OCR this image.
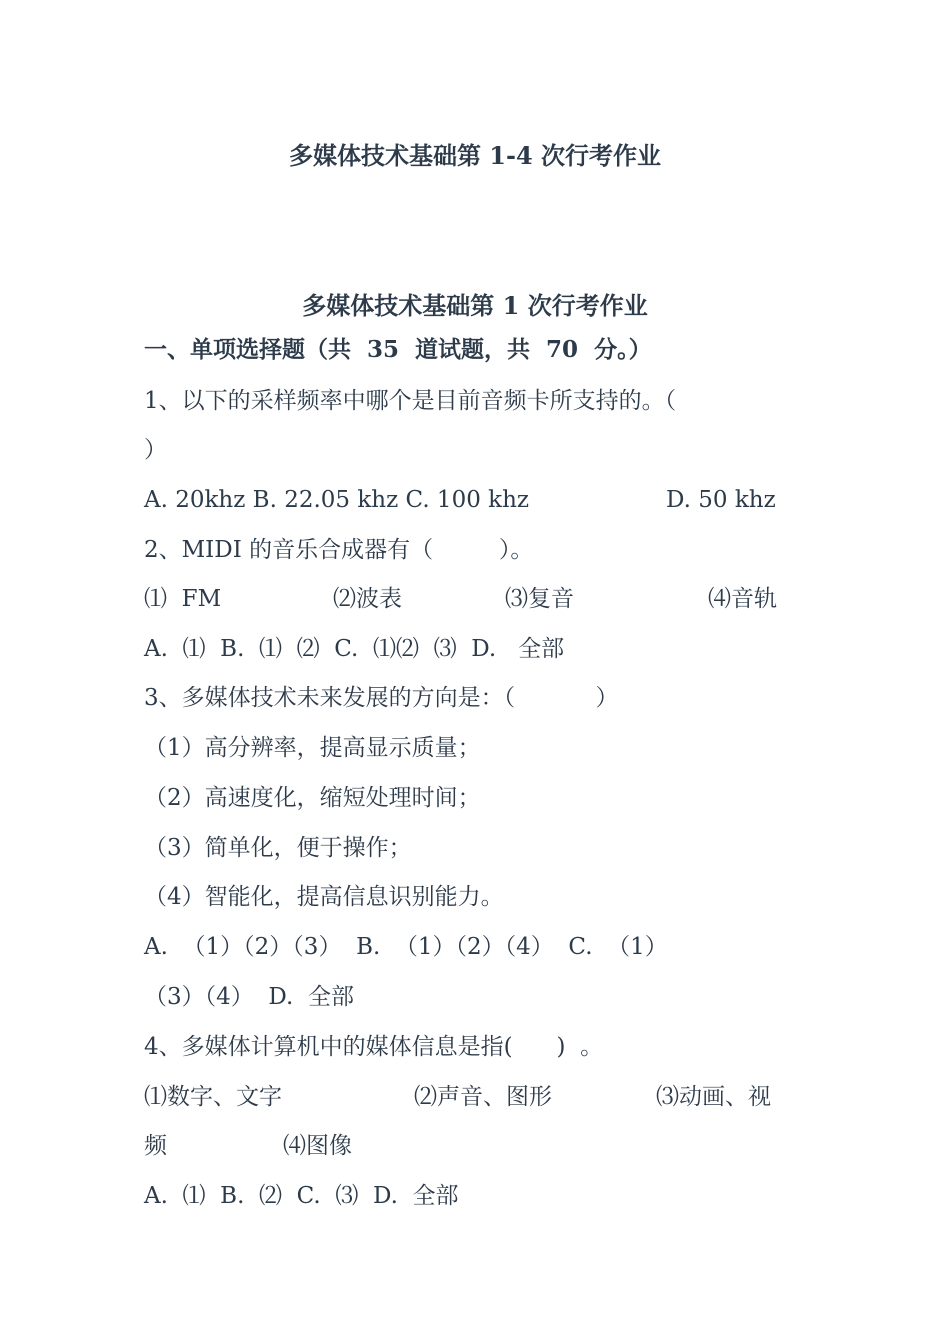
多媒体技术基础第 1-4 次行考作业
多媒体技术基础第 1 次行考作业
一、单项选择题（共  35  道试题，共  70  分。）
1、以下的采样频率中哪个是目前音频卡所支持的。（
）
A. 20khz B. 22.05 khz C. 100 khz	D. 50 khz
2、MIDI 的音乐合成器有（         ）。
⑴  FM	⑵波表	⑶复音	⑷音轨
A.  ⑴  B.  ⑴  ⑵  C.  ⑴⑵  ⑶  D.   全部
3、多媒体技术未来发展的方向是：（           ）
（1）高分辨率，提高显示质量；
（2）高速度化，缩短处理时间；
（3）简单化，便于操作；
（4）智能化，提高信息识别能力。
A.  （1）（2）（3）  B.  （1）（2）（4）  C.  （1）
（3）（4）  D.  全部
4、多媒体计算机中的媒体信息是指(      )  。
⑴数字、文字	⑵声音、图形	⑶动画、视
频	⑷图像
A.  ⑴  B.  ⑵  C.  ⑶  D.  全部
